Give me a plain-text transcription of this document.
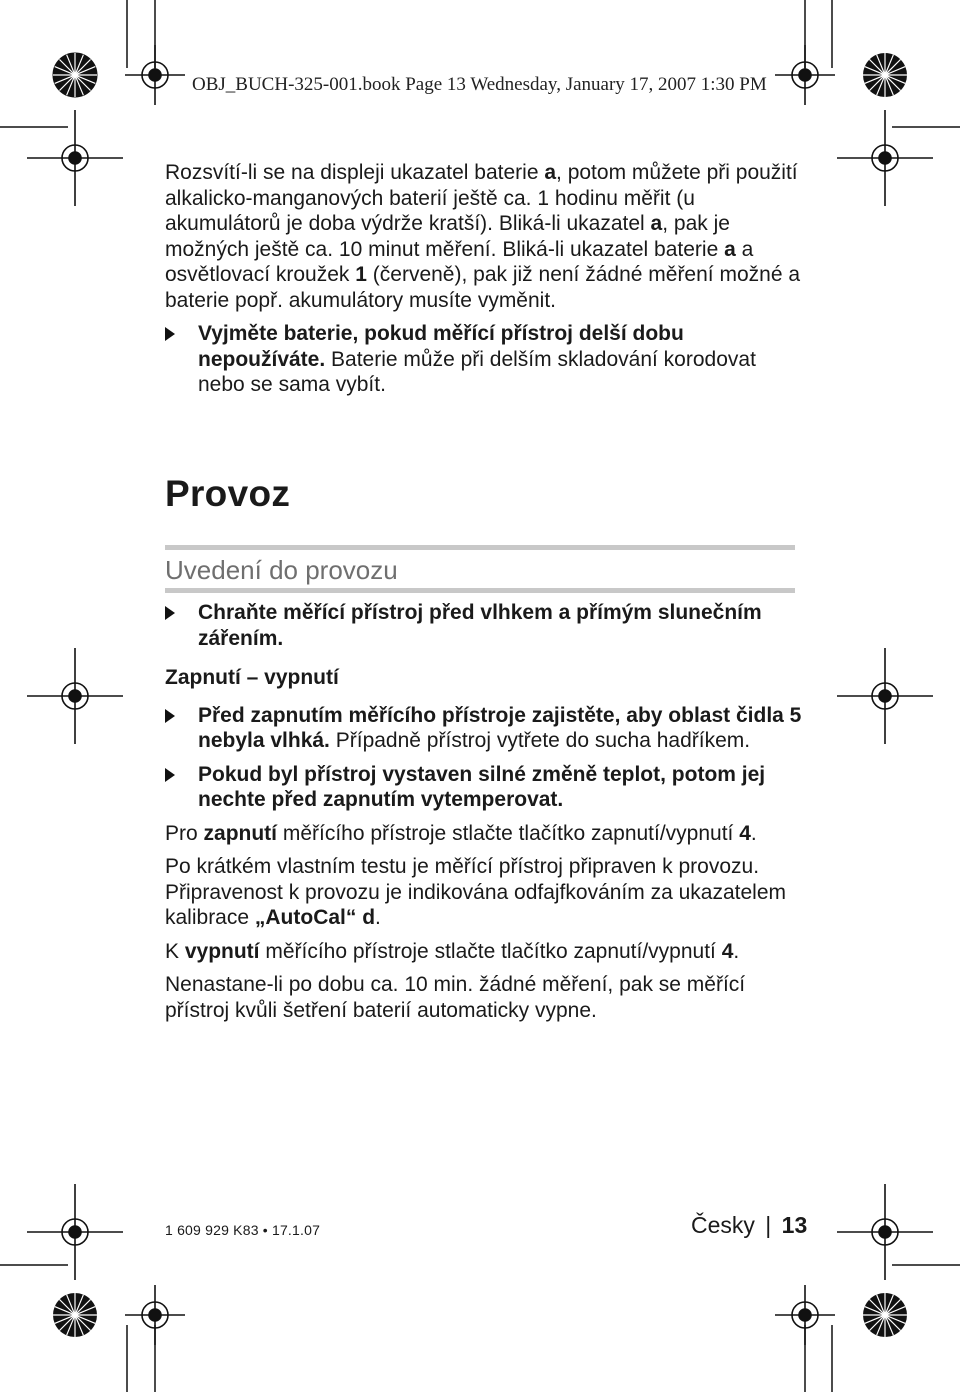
OBJ_BUCH-325-001.book Page 13 Wednesday, January 17, 2007 1:30 PM

Rozsvítí-li se na displeji ukazatel baterie a, potom můžete při použití alkalicko-manganových baterií ještě ca. 1 hodinu měřit (u akumulátorů je doba výdrže kratší). Bliká-li ukazatel a, pak je možných ještě ca. 10 minut měření. Bliká-li ukazatel baterie a a osvětlovací kroužek 1 (červeně), pak již není žádné měření možné a baterie popř. akumulátory musíte vyměnit.

Vyjměte baterie, pokud měřící přístroj delší dobu nepoužíváte. Baterie může při delším skladování korodovat nebo se sama vybít.
Provoz
Uvedení do provozu
Chraňte měřící přístroj před vlhkem a přímým slunečním zářením.

Zapnutí – vypnutí

Před zapnutím měřícího přístroje zajistěte, aby oblast čidla 5 nebyla vlhká. Případně přístroj vytřete do sucha hadříkem.
Pokud byl přístroj vystaven silné změně teplot, potom jej nechte před zapnutím vytemperovat.

Pro zapnutí měřícího přístroje stlačte tlačítko zapnutí/vypnutí 4.

Po krátkém vlastním testu je měřící přístroj připraven k provozu. Připravenost k provozu je indikována odfajfkováním za ukazatelem kalibrace „AutoCal“ d.

K vypnutí měřícího přístroje stlačte tlačítko zapnutí/vypnutí 4.

Nenastane-li po dobu ca. 10 min. žádné měření, pak se měřící přístroj kvůli šetření baterií automaticky vypne.

1 609 929 K83 • 17.1.07	Česky | 13
